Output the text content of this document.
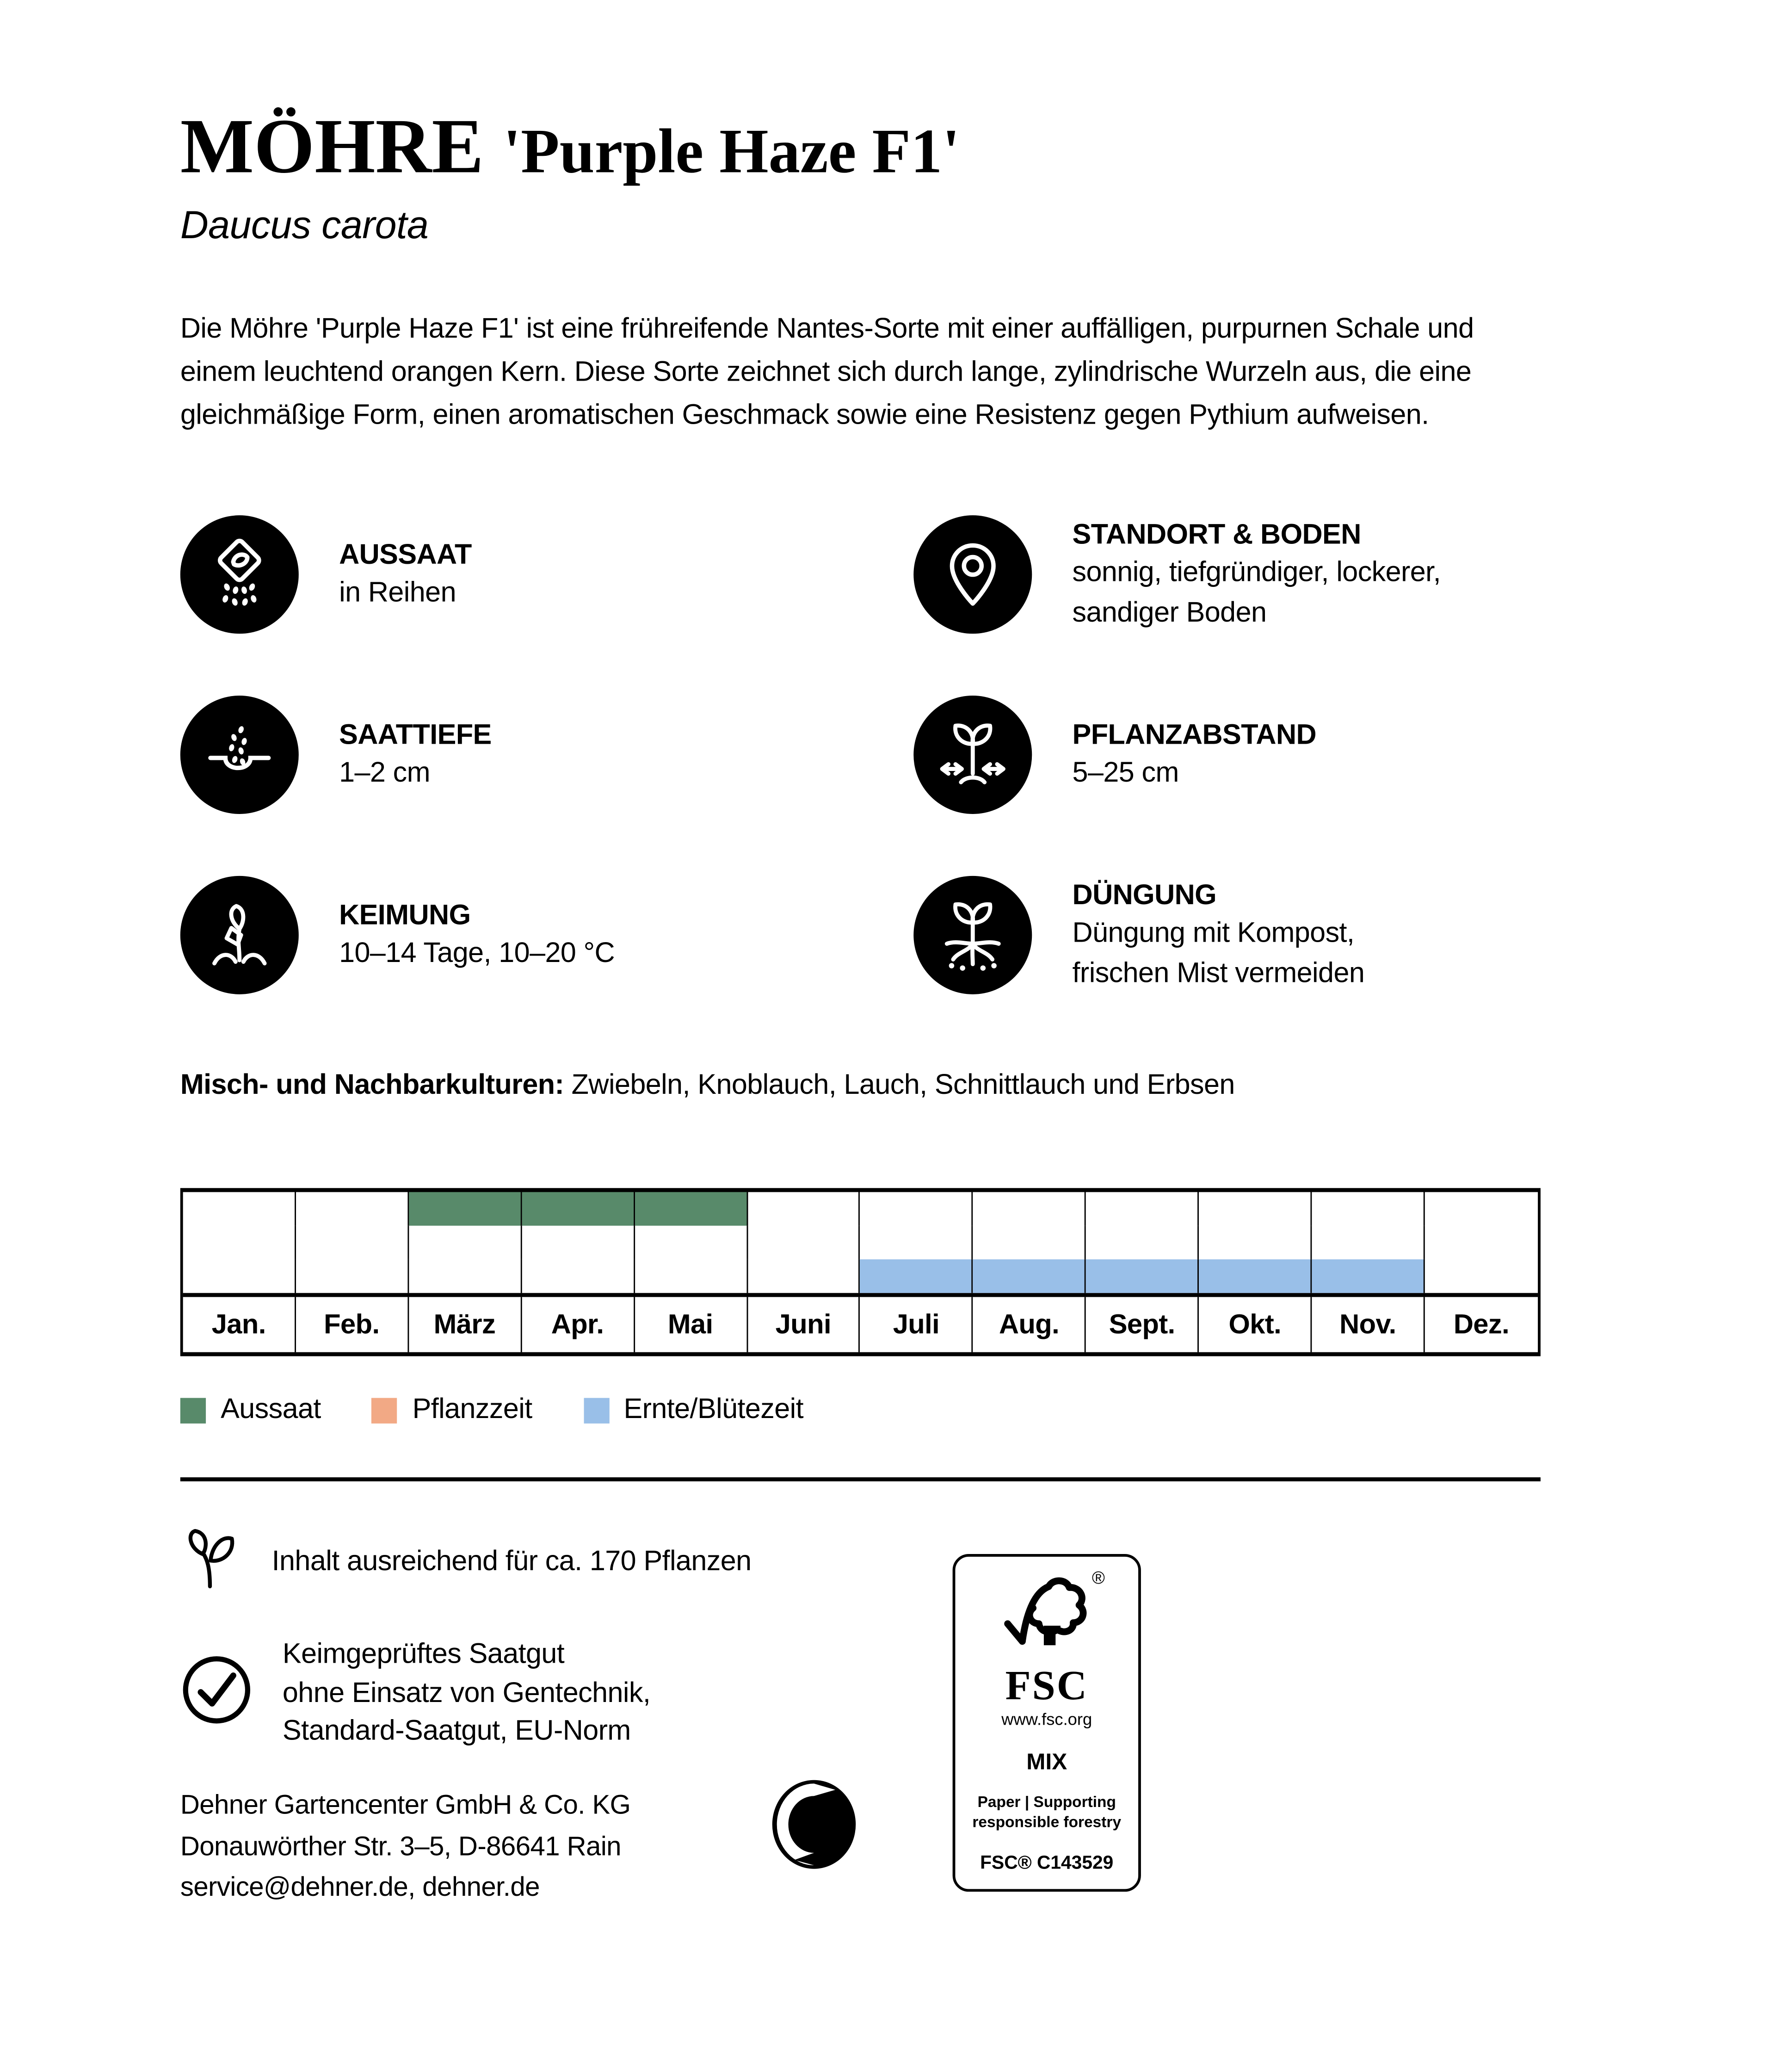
MÖHRE 'Purple Haze F1'
Daucus carota

Die Möhre 'Purple Haze F1' ist eine frühreifende Nantes-Sorte mit einer auffälligen, purpurnen Schale und einem leuchtend orangen Kern. Diese Sorte zeichnet sich durch lange, zylindrische Wurzeln aus, die eine gleichmäßige Form, einen aromatischen Geschmack sowie eine Resistenz gegen Pythium aufweisen.

AUSSAAT
in Reihen
STANDORT & BODEN
sonnig, tiefgründiger, lockerer,
sandiger Boden
SAATTIEFE
1–2 cm
PFLANZABSTAND
5–25 cm
KEIMUNG
10–14 Tage, 10–20 °C
DÜNGUNG
Düngung mit Kompost,
frischen Mist vermeiden

Misch- und Nachbarkulturen: Zwiebeln, Knoblauch, Lauch, Schnittlauch und Erbsen

Jan.	Feb.	März	Apr.	Mai	Juni	Juli	Aug.	Sept.	Okt.	Nov.	Dez.
Aussaat	Pflanzzeit	Ernte/Blütezeit
Inhalt ausreichend für ca. 170 Pflanzen
Keimgeprüftes Saatgut
ohne Einsatz von Gentechnik,
Standard-Saatgut, EU-Norm
Dehner Gartencenter GmbH & Co. KG
Donauwörther Str. 3–5, D-86641 Rain
service@dehner.de, dehner.de
®
FSC
www.fsc.org
MIX
Paper | Supporting responsible forestry
FSC® C143529
